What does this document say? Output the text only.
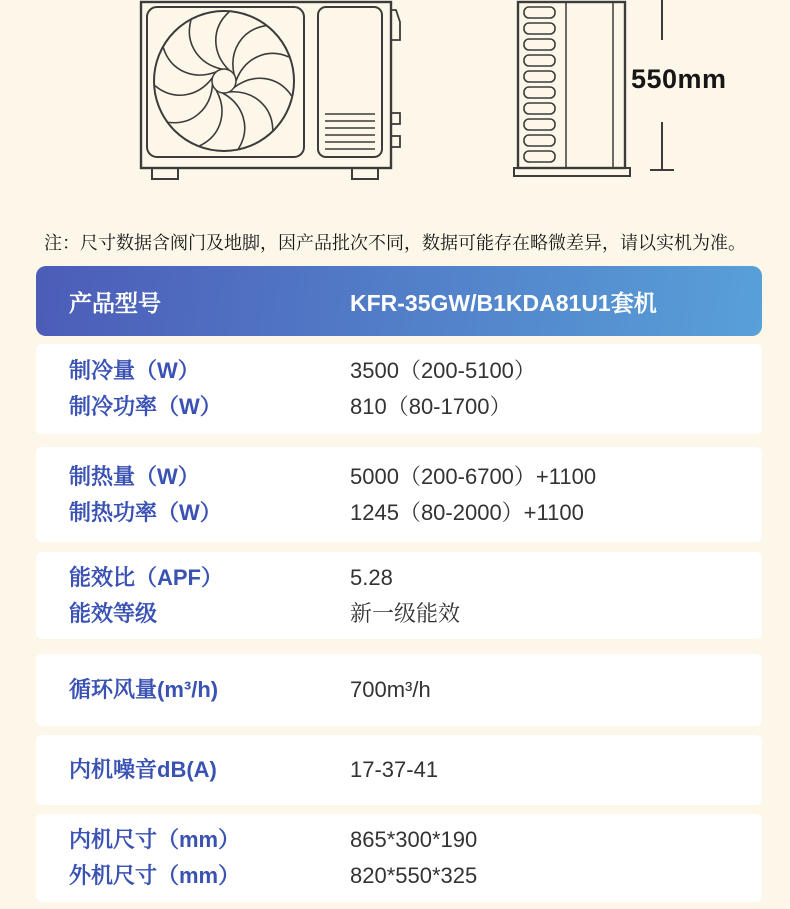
550mm
注：尺寸数据含阀门及地脚，因产品批次不同，数据可能存在略微差异，请以实机为准。
产品型号	KFR-35GW/B1KDA81U1套机
制冷量（W）	3500（200-5100）
制冷功率（W）	810（80-1700）
制热量（W）	5000（200-6700）+1100
制热功率（W）	1245（80-2000）+1100
能效比（APF）	5.28
能效等级	新一级能效
循环风量(m³/h)	700m³/h
内机噪音dB(A)	17-37-41
内机尺寸（mm）	865*300*190
外机尺寸（mm）	820*550*325
